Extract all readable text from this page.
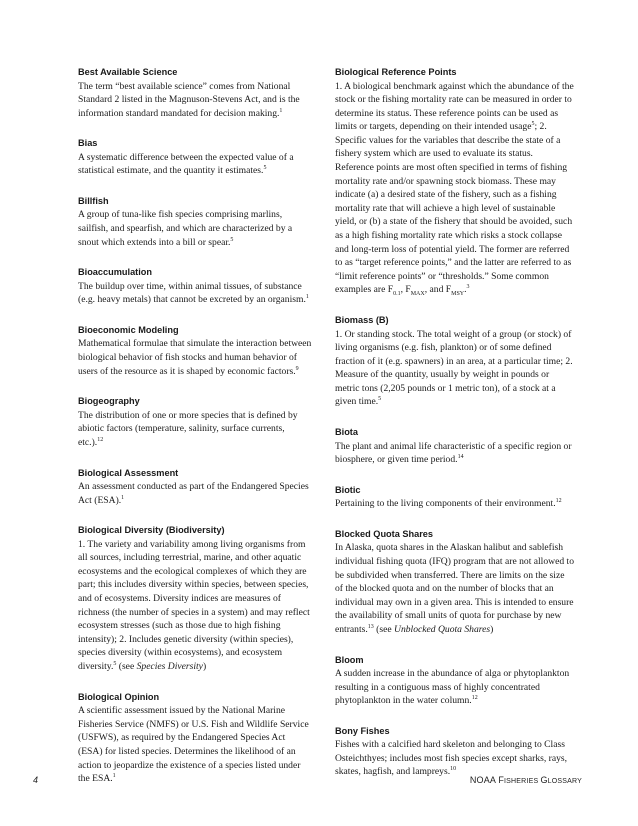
Best Available Science

The term “best available science” comes from National Standard 2 listed in the Magnuson-Stevens Act, and is the information standard mandated for decision making.$^1$

Bias

A systematic difference between the expected value of a statistical estimate, and the quantity it estimates.$^5$

Billfish

A group of tuna-like fish species comprising marlins, sailfish, and spearfish, and which are characterized by a snout which extends into a bill or spear.$^5$

Bioaccumulation

The buildup over time, within animal tissues, of substance (e.g. heavy metals) that cannot be excreted by an organism.$^1$

Bioeconomic Modeling

Mathematical formulae that simulate the interaction between biological behavior of fish stocks and human behavior of users of the resource as it is shaped by economic factors.$^9$

Biogeography

The distribution of one or more species that is defined by abiotic factors (temperature, salinity, surface currents, etc.).$^{12}$

Biological Assessment

An assessment conducted as part of the Endangered Species Act (ESA).$^1$

Biological Diversity (Biodiversity)

1. The variety and variability among living organisms from all sources, including terrestrial, marine, and other aquatic ecosystems and the ecological complexes of which they are part; this includes diversity within species, between species, and of ecosystems. Diversity indices are measures of richness (the number of species in a system) and may reflect ecosystem stresses (such as those due to high fishing intensity); 2. Includes genetic diversity (within species), species diversity (within ecosystems), and ecosystem diversity.$^5$ (see Species Diversity)

Biological Opinion

A scientific assessment issued by the National Marine Fisheries Service (NMFS) or U.S. Fish and Wildlife Service (USFWS), as required by the Endangered Species Act (ESA) for listed species. Determines the likelihood of an action to jeopardize the existence of a species listed under the ESA.$^1$

Biological Reference Points

1. A biological benchmark against which the abundance of the stock or the fishing mortality rate can be measured in order to determine its status. These reference points can be used as limits or targets, depending on their intended usage$^5$; 2. Specific values for the variables that describe the state of a fishery system which are used to evaluate its status. Reference points are most often specified in terms of fishing mortality rate and/or spawning stock biomass. These may indicate (a) a desired state of the fishery, such as a fishing mortality rate that will achieve a high level of sustainable yield, or (b) a state of the fishery that should be avoided, such as a high fishing mortality rate which risks a stock collapse and long-term loss of potential yield. The former are referred to as “target reference points,” and the latter are referred to as “limit reference points” or “thresholds.” Some common examples are $F_{0.1}$, $F_{MAX}$, and $F_{MSY}.^3$

Biomass (B)

1. Or standing stock. The total weight of a group (or stock) of living organisms (e.g. fish, plankton) or of some defined fraction of it (e.g. spawners) in an area, at a particular time; 2. Measure of the quantity, usually by weight in pounds or metric tons (2,205 pounds or 1 metric ton), of a stock at a given time.$^5$

Biota

The plant and animal life characteristic of a specific region or biosphere, or given time period.$^{14}$

Biotic

Pertaining to the living components of their environment.$^{12}$

Blocked Quota Shares

In Alaska, quota shares in the Alaskan halibut and sablefish individual fishing quota (IFQ) program that are not allowed to be subdivided when transferred. There are limits on the size of the blocked quota and on the number of blocks that an individual may own in a given area. This is intended to ensure the availability of small units of quota for purchase by new entrants.$^{13}$ (see Unblocked Quota Shares)

Bloom

A sudden increase in the abundance of alga or phytoplankton resulting in a contiguous mass of highly concentrated phytoplankton in the water column.$^{12}$

Bony Fishes

Fishes with a calcified hard skeleton and belonging to Class Osteichthyes; includes most fish species except sharks, rays, skates, hagfish, and lampreys.$^{10}$

4	NOAA FISHERIES GLOSSARY
